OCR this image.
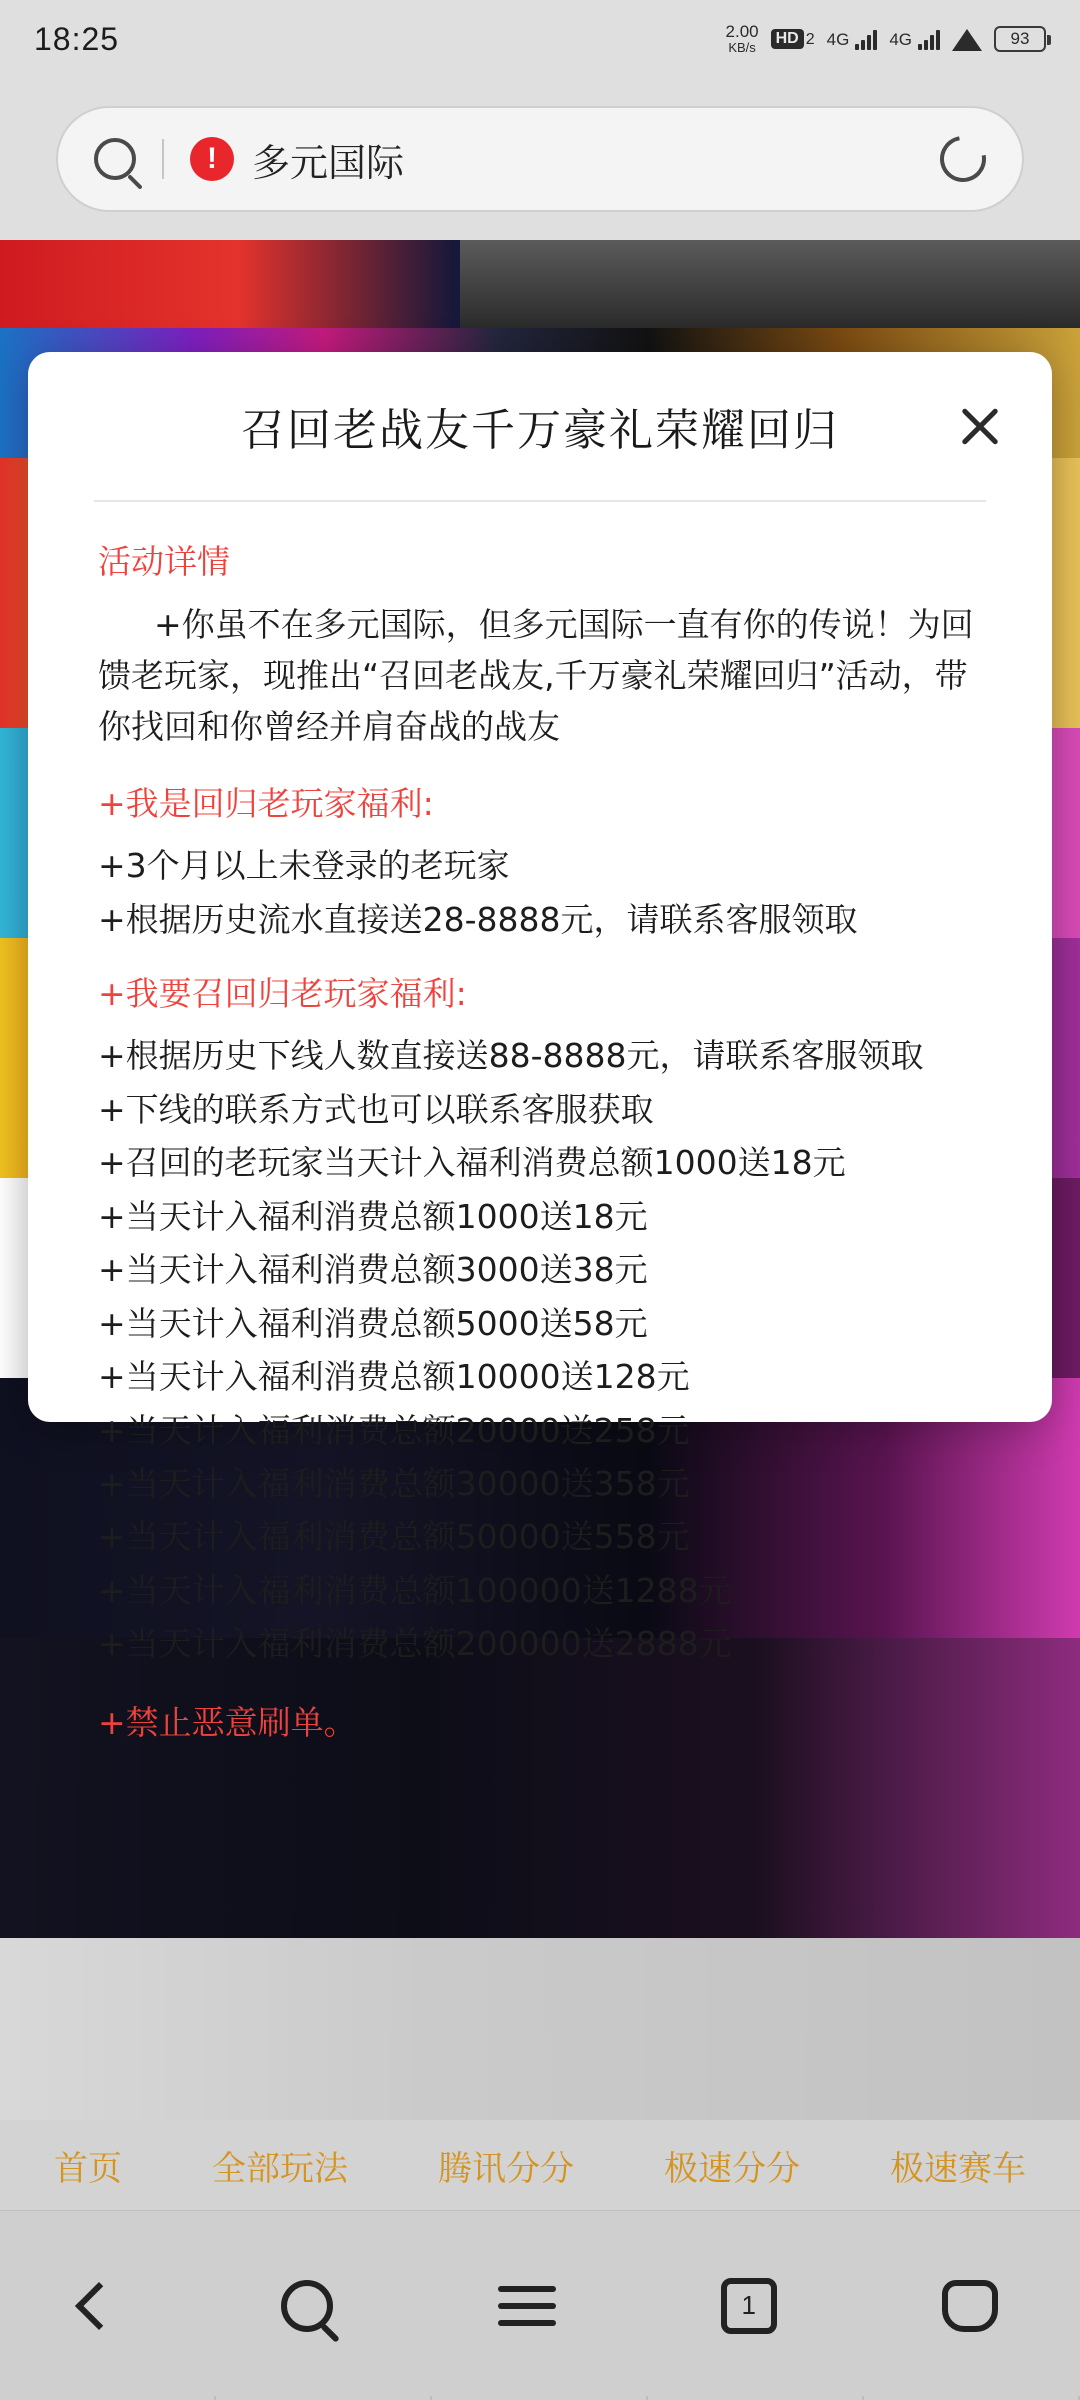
18:25	2.00
KB/s
HD 2 4G 4G	93
! 多元国际
召回老战友千万豪礼荣耀回归
活动详情
+你虽不在多元国际，但多元国际一直有你的传说！为回馈老玩家，现推出“召回老战友,千万豪礼荣耀回归”活动，带你找回和你曾经并肩奋战的战友
+我是回归老玩家福利:
+3个月以上未登录的老玩家
+根据历史流水直接送28-8888元，请联系客服领取
+我要召回归老玩家福利:
+根据历史下线人数直接送88-8888元，请联系客服领取
+下线的联系方式也可以联系客服获取
+召回的老玩家当天计入福利消费总额1000送18元
+当天计入福利消费总额1000送18元
+当天计入福利消费总额3000送38元
+当天计入福利消费总额5000送58元
+当天计入福利消费总额10000送128元
+当天计入福利消费总额20000送258元
+当天计入福利消费总额30000送358元
+当天计入福利消费总额50000送558元
+当天计入福利消费总额100000送1288元
+当天计入福利消费总额200000送2888元
+禁止恶意刷单。
首页	全部玩法	腾讯分分	极速分分	极速赛车
1
